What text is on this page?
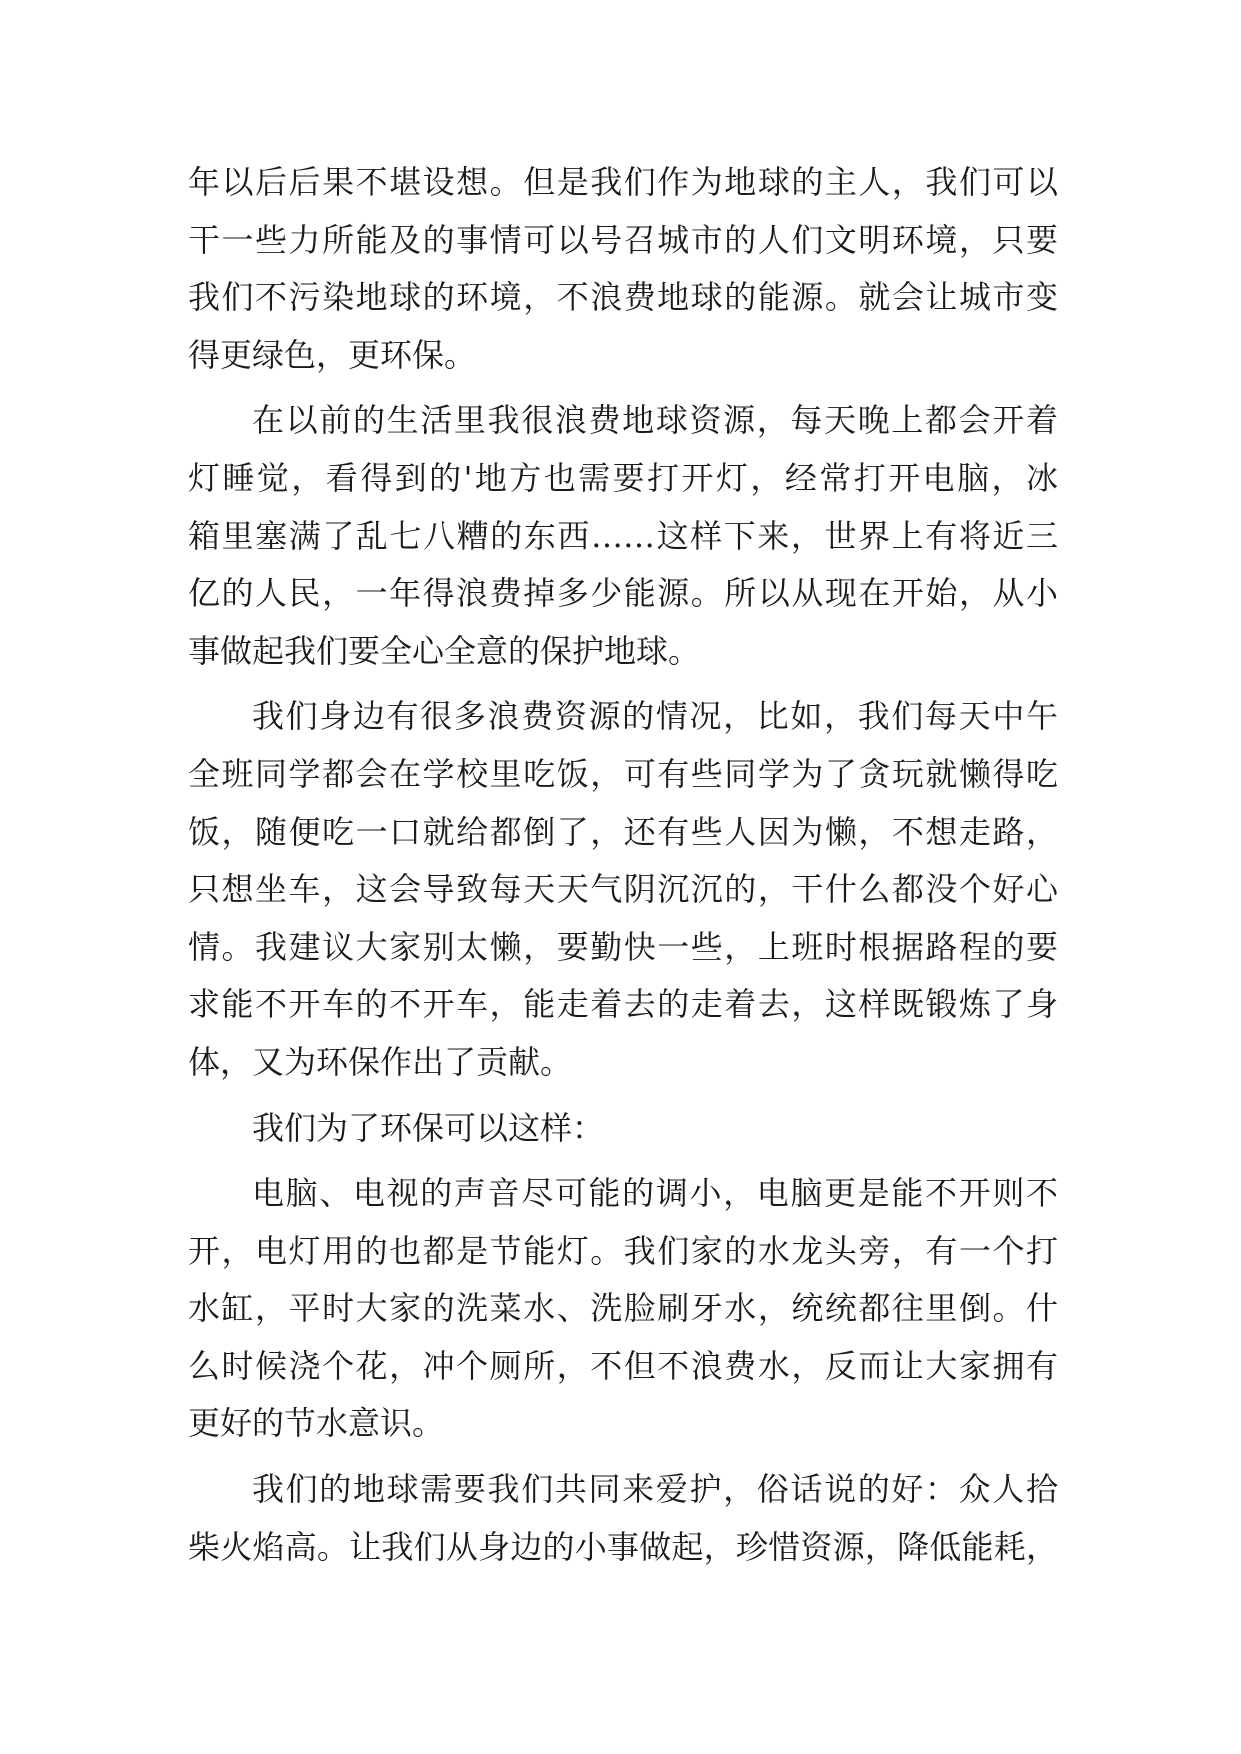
年以后后果不堪设想。但是我们作为地球的主人，我们可以
干一些力所能及的事情可以号召城市的人们文明环境，只要
我们不污染地球的环境，不浪费地球的能源。就会让城市变
得更绿色，更环保。
在以前的生活里我很浪费地球资源，每天晚上都会开着
灯睡觉，看得到的'地方也需要打开灯，经常打开电脑，冰
箱里塞满了乱七八糟的东西……这样下来，世界上有将近三
亿的人民，一年得浪费掉多少能源。所以从现在开始，从小
事做起我们要全心全意的保护地球。
我们身边有很多浪费资源的情况，比如，我们每天中午
全班同学都会在学校里吃饭，可有些同学为了贪玩就懒得吃
饭，随便吃一口就给都倒了，还有些人因为懒，不想走路，
只想坐车，这会导致每天天气阴沉沉的，干什么都没个好心
情。我建议大家别太懒，要勤快一些，上班时根据路程的要
求能不开车的不开车，能走着去的走着去，这样既锻炼了身
体，又为环保作出了贡献。
我们为了环保可以这样：
电脑、电视的声音尽可能的调小，电脑更是能不开则不
开，电灯用的也都是节能灯。我们家的水龙头旁，有一个打
水缸，平时大家的洗菜水、洗脸刷牙水，统统都往里倒。什
么时候浇个花，冲个厕所，不但不浪费水，反而让大家拥有
更好的节水意识。
我们的地球需要我们共同来爱护，俗话说的好：众人拾
柴火焰高。让我们从身边的小事做起，珍惜资源，降低能耗，
